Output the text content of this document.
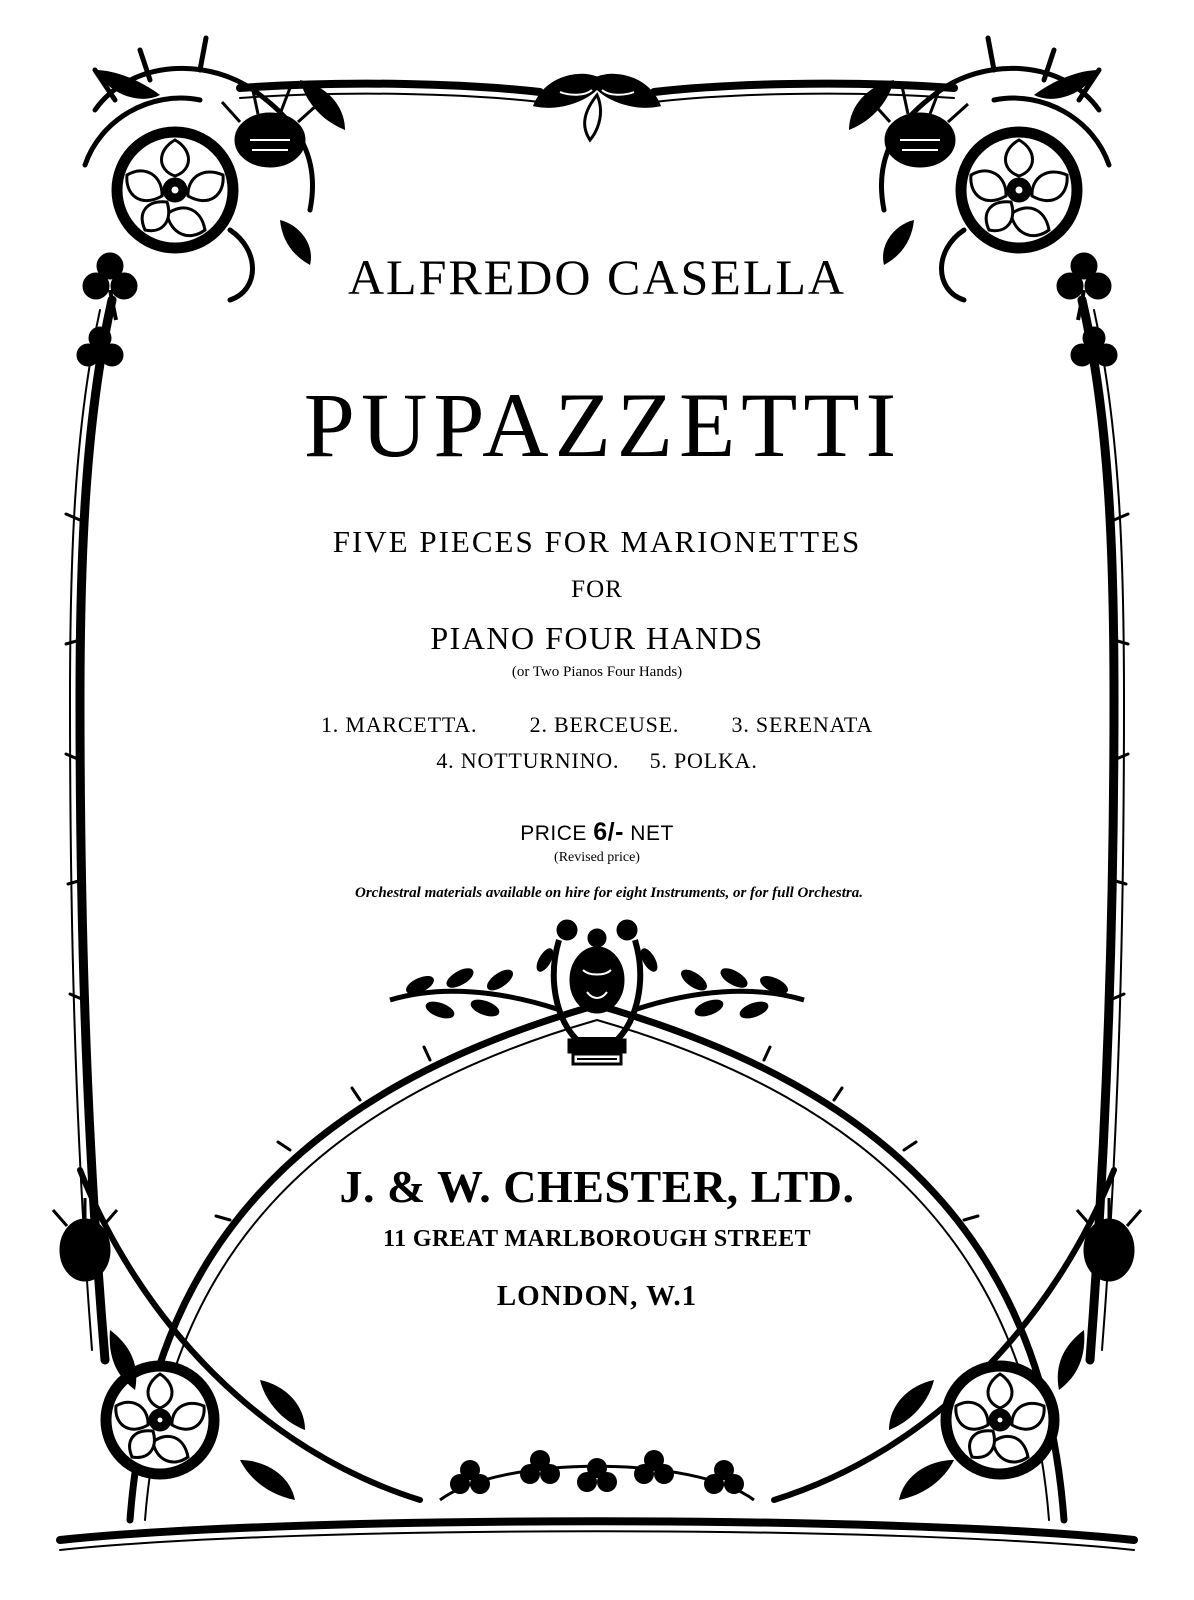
ALFREDO CASELLA
PUPAZZETTI
FIVE PIECES FOR MARIONETTES
FOR
PIANO FOUR HANDS
(or Two Pianos Four Hands)
1. MARCETTA. 2. BERCEUSE. 3. SERENATA
4. NOTTURNINO. 5. POLKA.
PRICE 6/- NET
(Revised price)
Orchestral materials available on hire for eight Instruments, or for full Orchestra.
J. & W. CHESTER, LTD.
11 GREAT MARLBOROUGH STREET
LONDON, W.1
